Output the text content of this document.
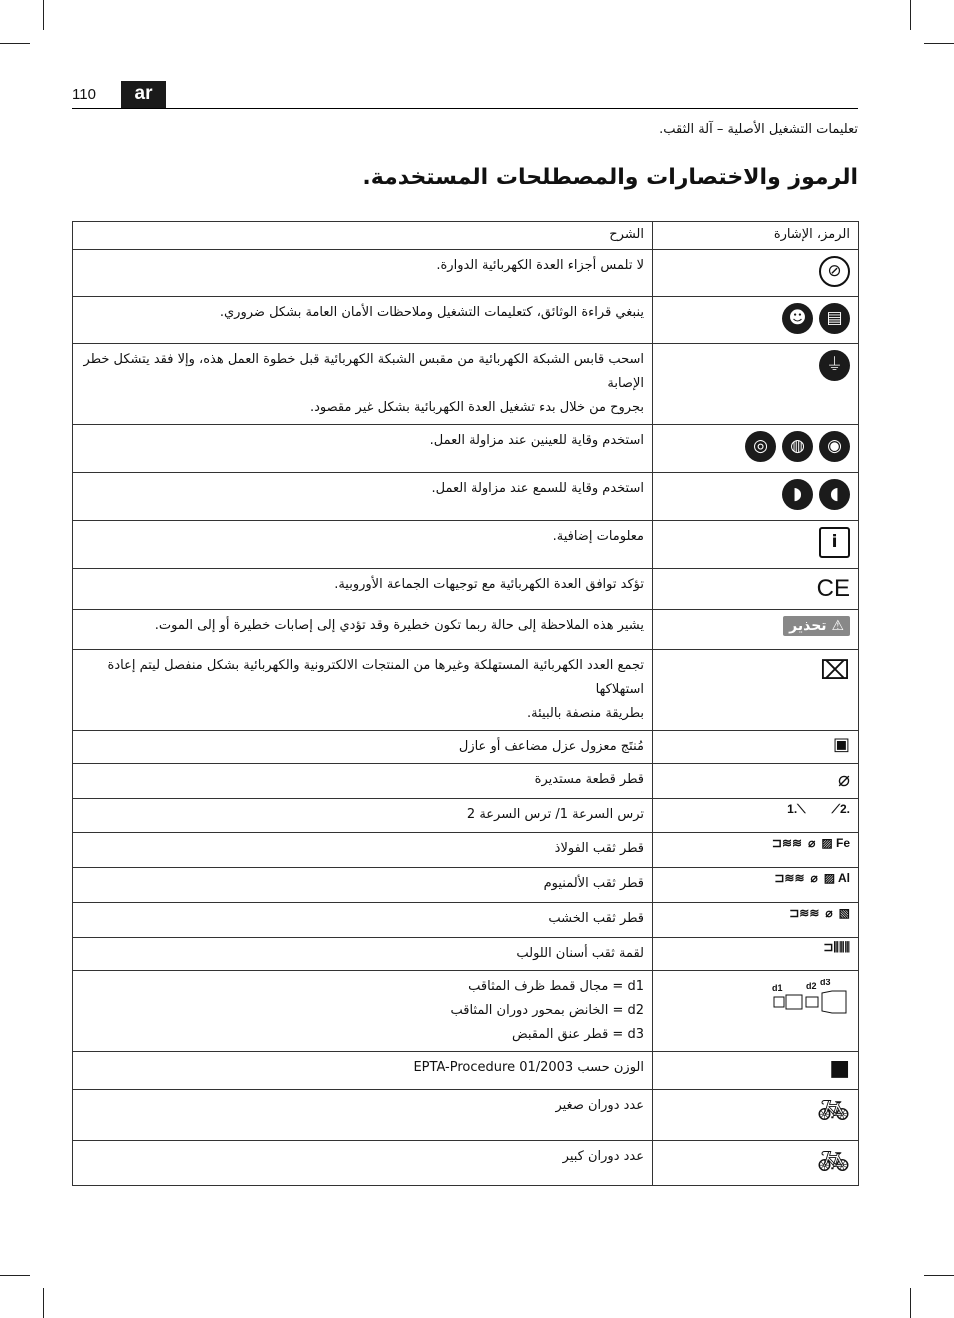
110	ar
تعليمات التشغيل الأصلية – آلة الثقب.
الرموز والاختصارات والمصطلحات المستخدمة.
الشرح	الرمز، الإشارة
لا تلمس أجزاء العدة الكهربائية الدوارة.	⊘

ينبغي قراءة الوثائق، كتعليمات التشغيل وملاحظات الأمان العامة بشكل ضروري.	▤
☻

اسحب قابس الشبكة الكهربائية من مقبس الشبكة الكهربائية قبل خطوة العمل هذه، وإلا فقد يتشكل خطر الإصابة
بجروح من خلال بدء تشغيل العدة الكهربائية بشكل غير مقصود.	⏚

استخدم وقاية للعينين عند مزاولة العمل.	◉
◍
◎

استخدم وقاية للسمع عند مزاولة العمل.	◖
◗

معلومات إضافية.	i

تؤكد توافق العدة الكهربائية مع توجيهات الجماعة الأوروبية.	CE

يشير هذه الملاحظة إلى حالة ربما تكون خطيرة وقد تؤدي إلى إصابات خطيرة أو إلى الموت.	⚠ تحذير

تجمع العدد الكهربائية المستهلكة وغيرها من المنتجات الالكترونية والكهربائية بشكل منفصل ليتم إعادة استهلاكها
بطريقة منصفة بالبيئة.	⌧

مُنتَج معزول عزل مضاعف أو عازل	▣

قطر قطعة مستديرة	⌀

ترس السرعة 1/ ترس السرعة 2	⟋2.
1.⟍

قطر ثقب الفولاذ	▨ Fe
⌀
⊐≋≋

قطر ثقب الألمنيوم	▨ Al
⌀
⊐≋≋

قطر ثقب الخشب	▧
⌀
⊐≋≋

لقمة ثقب أسنان اللولب	⊐⫼⫼⫼

d1 = مجال قمط ظرف المثاقب
d2 = الخانض بمحور دوران المثاقب
d3 = قطر عنق المقبض	d1 d2 d3

الوزن حسب EPTA-Procedure 01/2003	■

عدد دوران صغير	🚲︎

عدد دوران كبير	🚲︎
